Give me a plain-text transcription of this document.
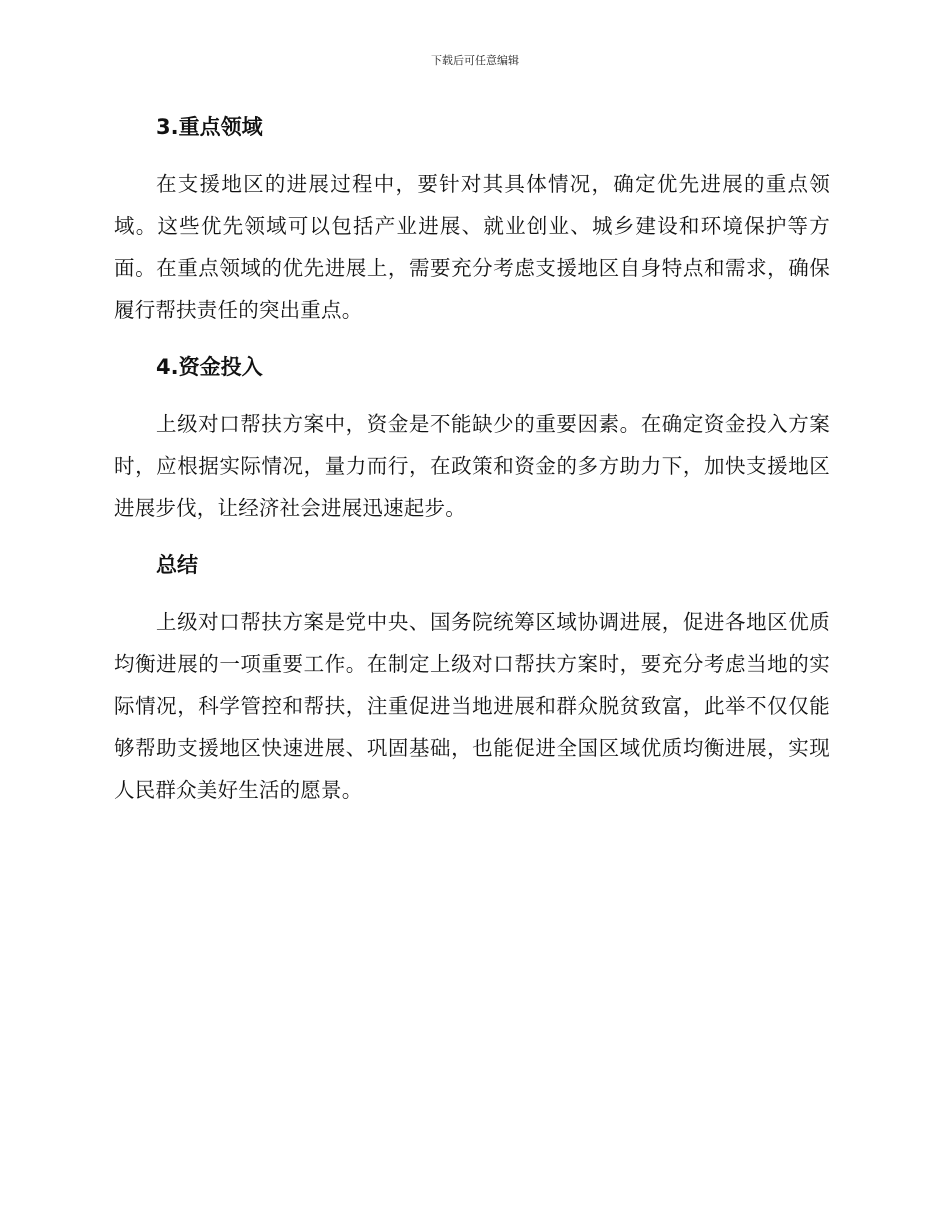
下载后可任意编辑
3.重点领域

在支援地区的进展过程中，要针对其具体情况，确定优先进展的重点领域。这些优先领域可以包括产业进展、就业创业、城乡建设和环境保护等方面。在重点领域的优先进展上，需要充分考虑支援地区自身特点和需求，确保履行帮扶责任的突出重点。

4.资金投入

上级对口帮扶方案中，资金是不能缺少的重要因素。在确定资金投入方案时，应根据实际情况，量力而行，在政策和资金的多方助力下，加快支援地区进展步伐，让经济社会进展迅速起步。

总结

上级对口帮扶方案是党中央、国务院统筹区域协调进展，促进各地区优质均衡进展的一项重要工作。在制定上级对口帮扶方案时，要充分考虑当地的实际情况，科学管控和帮扶，注重促进当地进展和群众脱贫致富，此举不仅仅能够帮助支援地区快速进展、巩固基础，也能促进全国区域优质均衡进展，实现人民群众美好生活的愿景。
